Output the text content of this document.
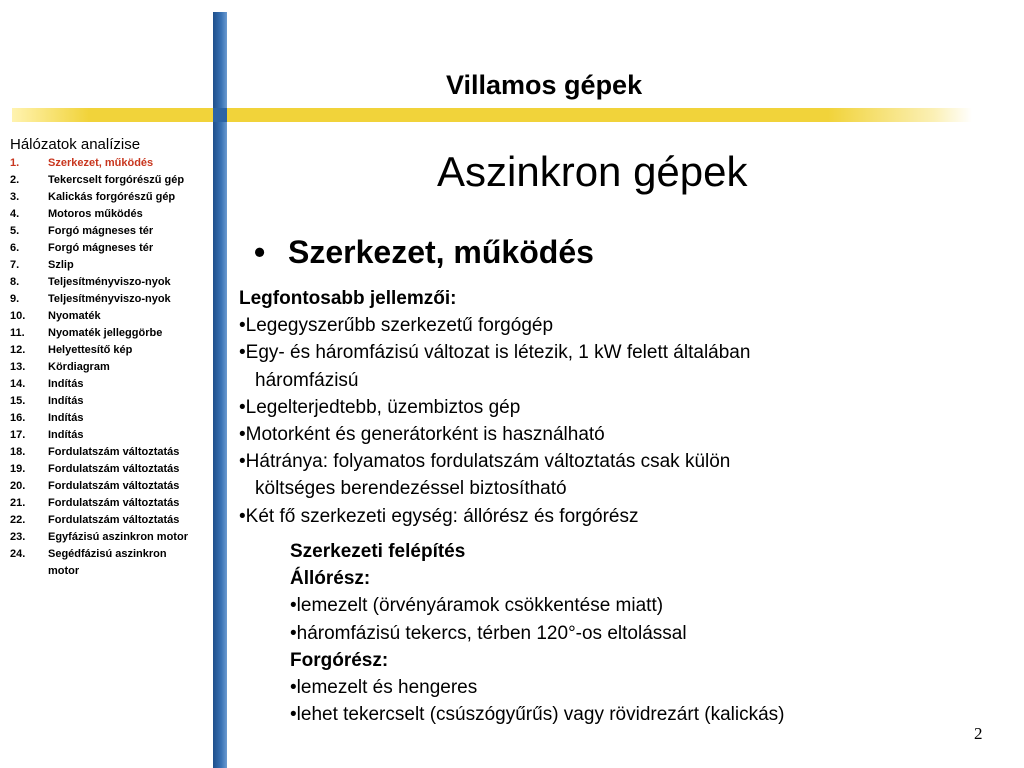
Villamos gépek
Hálózatok analízise
1.	Szerkezet, működés
2.	Tekercselt forgórészű gép
3.	Kalickás forgórészű gép
4.	Motoros működés
5.	Forgó mágneses tér
6.	Forgó mágneses tér
7.	Szlip
8.	Teljesítményviszo-nyok
9.	Teljesítményviszo-nyok
10.	Nyomaték
11.	Nyomaték jelleggörbe
12.	Helyettesítő kép
13.	Kördiagram
14.	Indítás
15.	Indítás
16.	Indítás
17.	Indítás
18.	Fordulatszám változtatás
19.	Fordulatszám változtatás
20.	Fordulatszám változtatás
21.	Fordulatszám változtatás
22.	Fordulatszám változtatás
23.	Egyfázisú aszinkron motor
24.	Segédfázisú aszinkron motor
Aszinkron gépek
• Szerkezet, működés
Legfontosabb jellemzői:
•Legegyszerűbb szerkezetű forgógép
•Egy- és háromfázisú változat is létezik, 1 kW felett általában
háromfázisú
•Legelterjedtebb, üzembiztos gép
•Motorként és generátorként is használható
•Hátránya: folyamatos fordulatszám változtatás csak külön
költséges berendezéssel biztosítható
•Két fő szerkezeti egység: állórész és forgórész
Szerkezeti felépítés
Állórész:
•lemezelt (örvényáramok csökkentése miatt)
•háromfázisú tekercs, térben 120°-os eltolással
Forgórész:
•lemezelt és hengeres
•lehet tekercselt (csúszógyűrűs) vagy rövidrezárt (kalickás)
2
